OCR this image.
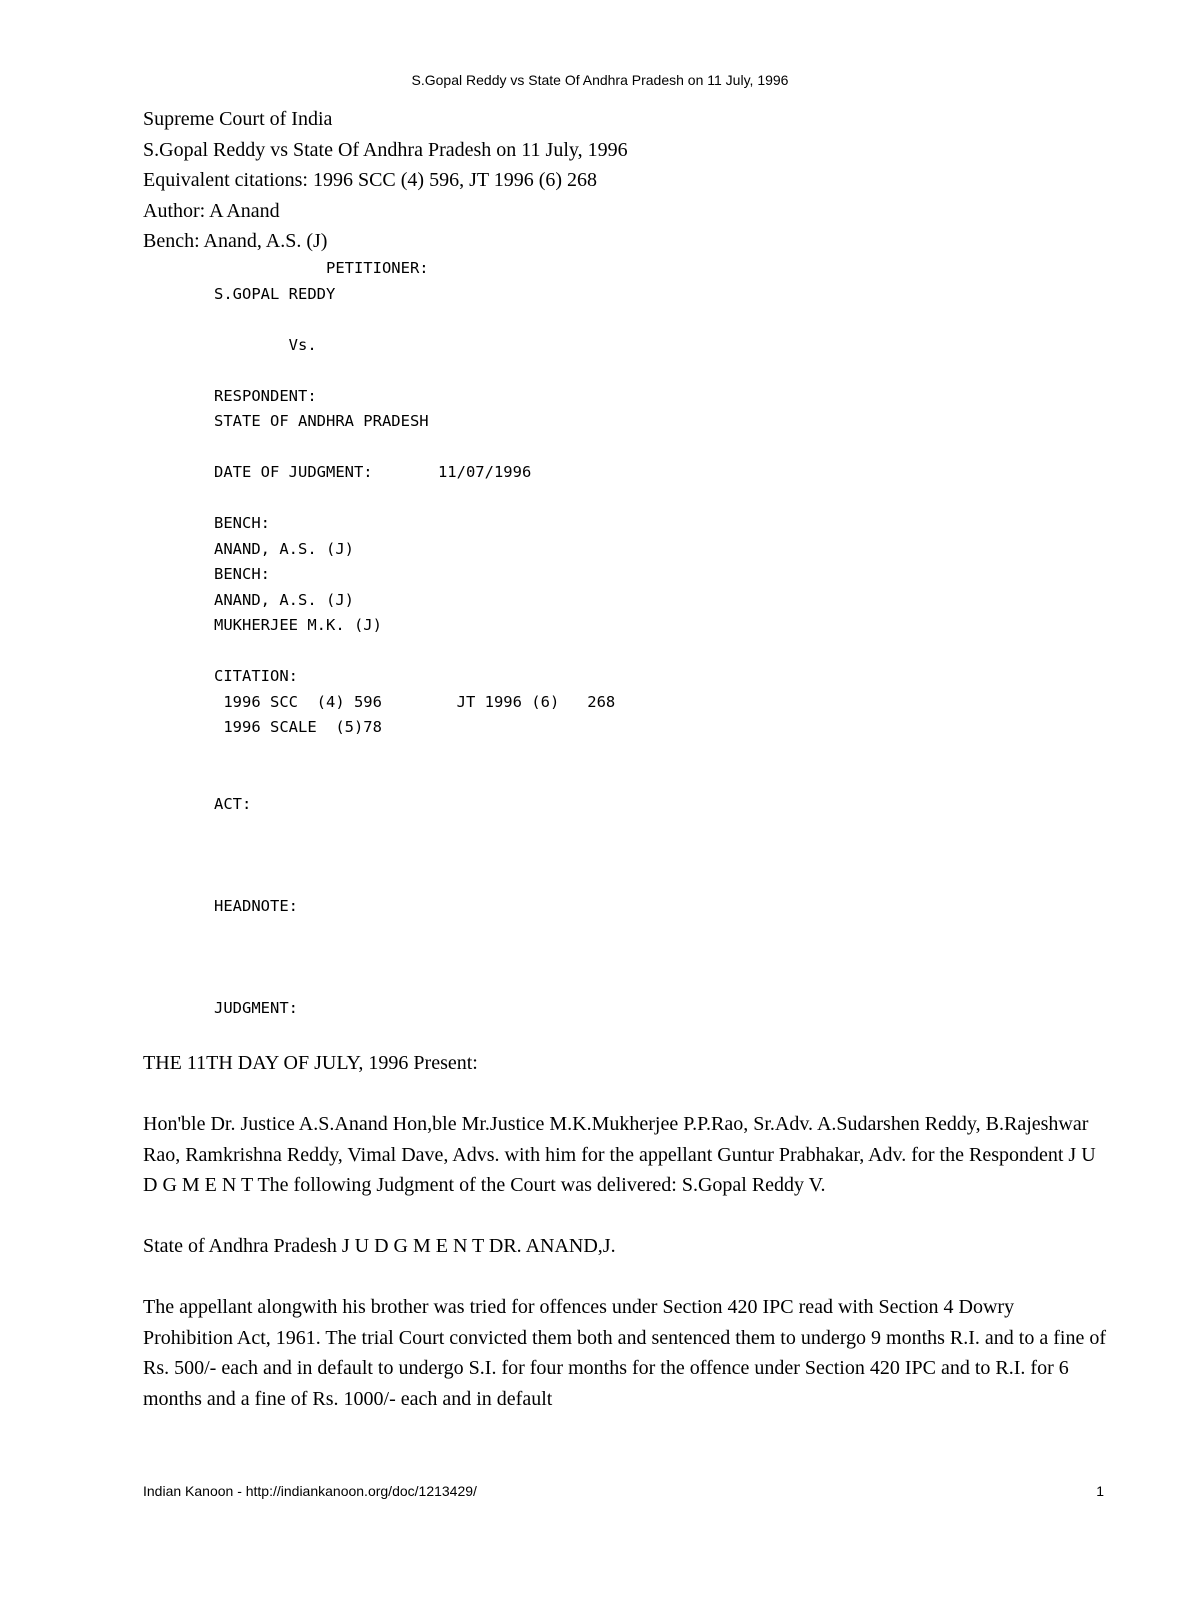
S.Gopal Reddy vs State Of Andhra Pradesh on 11 July, 1996
Supreme Court of India
S.Gopal Reddy vs State Of Andhra Pradesh on 11 July, 1996
Equivalent citations: 1996 SCC (4) 596, JT 1996 (6) 268
Author: A Anand
Bench: Anand, A.S. (J)
PETITIONER:
S.GOPAL REDDY

Vs.

RESPONDENT:
STATE OF ANDHRA PRADESH

DATE OF JUDGMENT:       11/07/1996

BENCH:
ANAND, A.S. (J)
BENCH:
ANAND, A.S. (J)
MUKHERJEE M.K. (J)

CITATION:
1996 SCC  (4) 596        JT 1996 (6)   268
1996 SCALE  (5)78

ACT:

HEADNOTE:

JUDGMENT:

THE 11TH DAY OF JULY, 1996 Present:

Hon'ble Dr. Justice A.S.Anand Hon,ble Mr.Justice M.K.Mukherjee P.P.Rao, Sr.Adv. A.Sudarshen Reddy, B.Rajeshwar Rao, Ramkrishna Reddy, Vimal Dave, Advs. with him for the appellant Guntur Prabhakar, Adv. for the Respondent J U D G M E N T The following Judgment of the Court was delivered: S.Gopal Reddy V.

State of Andhra Pradesh J U D G M E N T DR. ANAND,J.

The appellant alongwith his brother was tried for offences under Section 420 IPC read with Section 4 Dowry Prohibition Act, 1961. The trial Court convicted them both and sentenced them to undergo 9 months R.I. and to a fine of Rs. 500/- each and in default to undergo S.I. for four months for the offence under Section 420 IPC and to R.I. for 6 months and a fine of Rs. 1000/- each and in default

Indian Kanoon - http://indiankanoon.org/doc/1213429/	1
